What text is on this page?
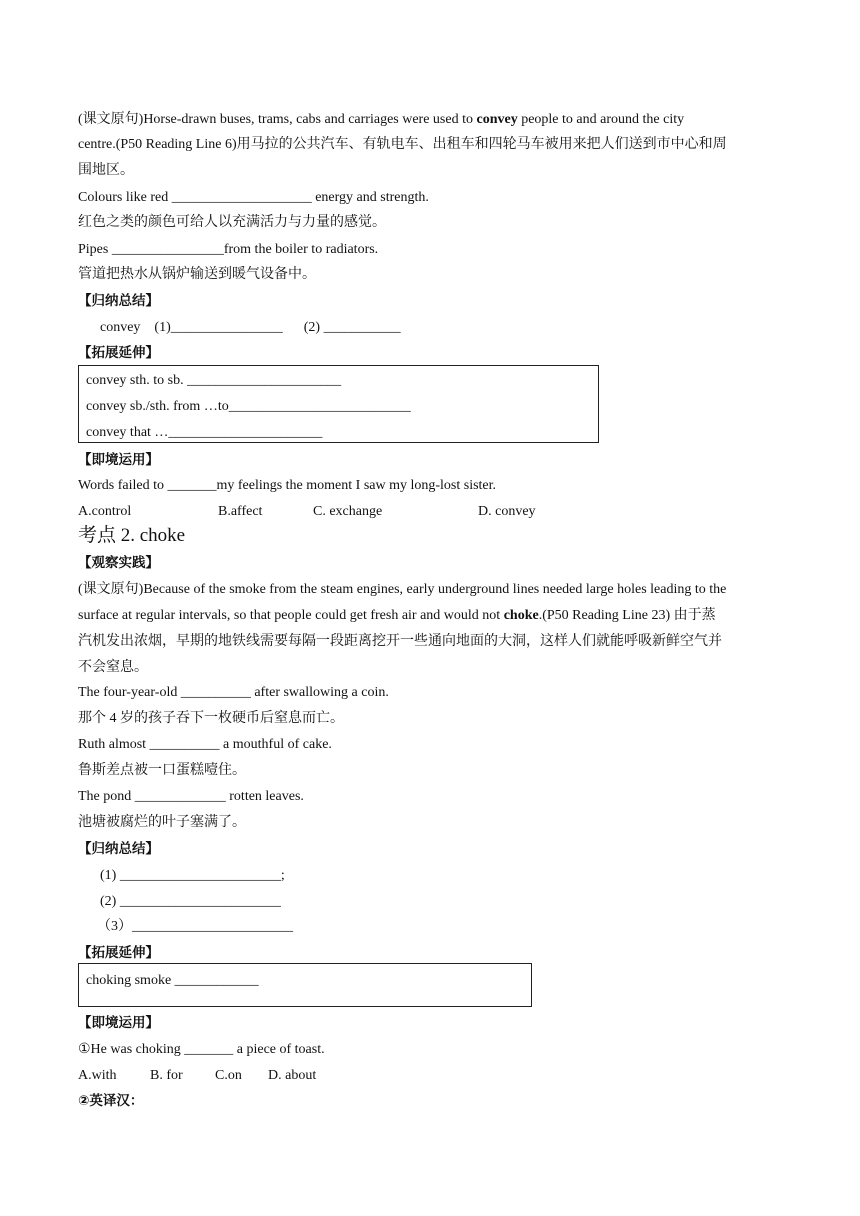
(课文原句)Horse-drawn buses, trams, cabs and carriages were used to convey people to and around the city
centre.(P50 Reading Line 6)用马拉的公共汽车、有轨电车、出租车和四轮马车被用来把人们送到市中心和周
围地区。
Colours like red ____________________ energy and strength.
红色之类的颜色可给人以充满活力与力量的感觉。
Pipes ________________from the boiler to radiators.
管道把热水从锅炉输送到暖气设备中。
【归纳总结】
convey    (1)________________      (2) ___________
【拓展延伸】
convey sth. to sb. ______________________
convey sb./sth. from …to__________________________
convey that …______________________
【即境运用】
Words failed to _______my feelings the moment I saw my long-lost sister.
A.control	B.affect	C. exchange	D. convey
考点 2. choke
【观察实践】
(课文原句)Because of the smoke from the steam engines, early underground lines needed large holes leading to the
surface at regular intervals, so that people could get fresh air and would not choke.(P50 Reading Line 23) 由于蒸
汽机发出浓烟，早期的地铁线需要每隔一段距离挖开一些通向地面的大洞，这样人们就能呼吸新鲜空气并
不会窒息。
The four-year-old __________ after swallowing a coin.
那个 4 岁的孩子吞下一枚硬币后窒息而亡。
Ruth almost __________ a mouthful of cake.
鲁斯差点被一口蛋糕噎住。
The pond _____________ rotten leaves.
池塘被腐烂的叶子塞满了。
【归纳总结】
(1) _______________________;
(2) _______________________
（3）_______________________
【拓展延伸】
choking smoke ____________
【即境运用】
①He was choking _______ a piece of toast.
A.with B. for C.on D. about
②英译汉：
